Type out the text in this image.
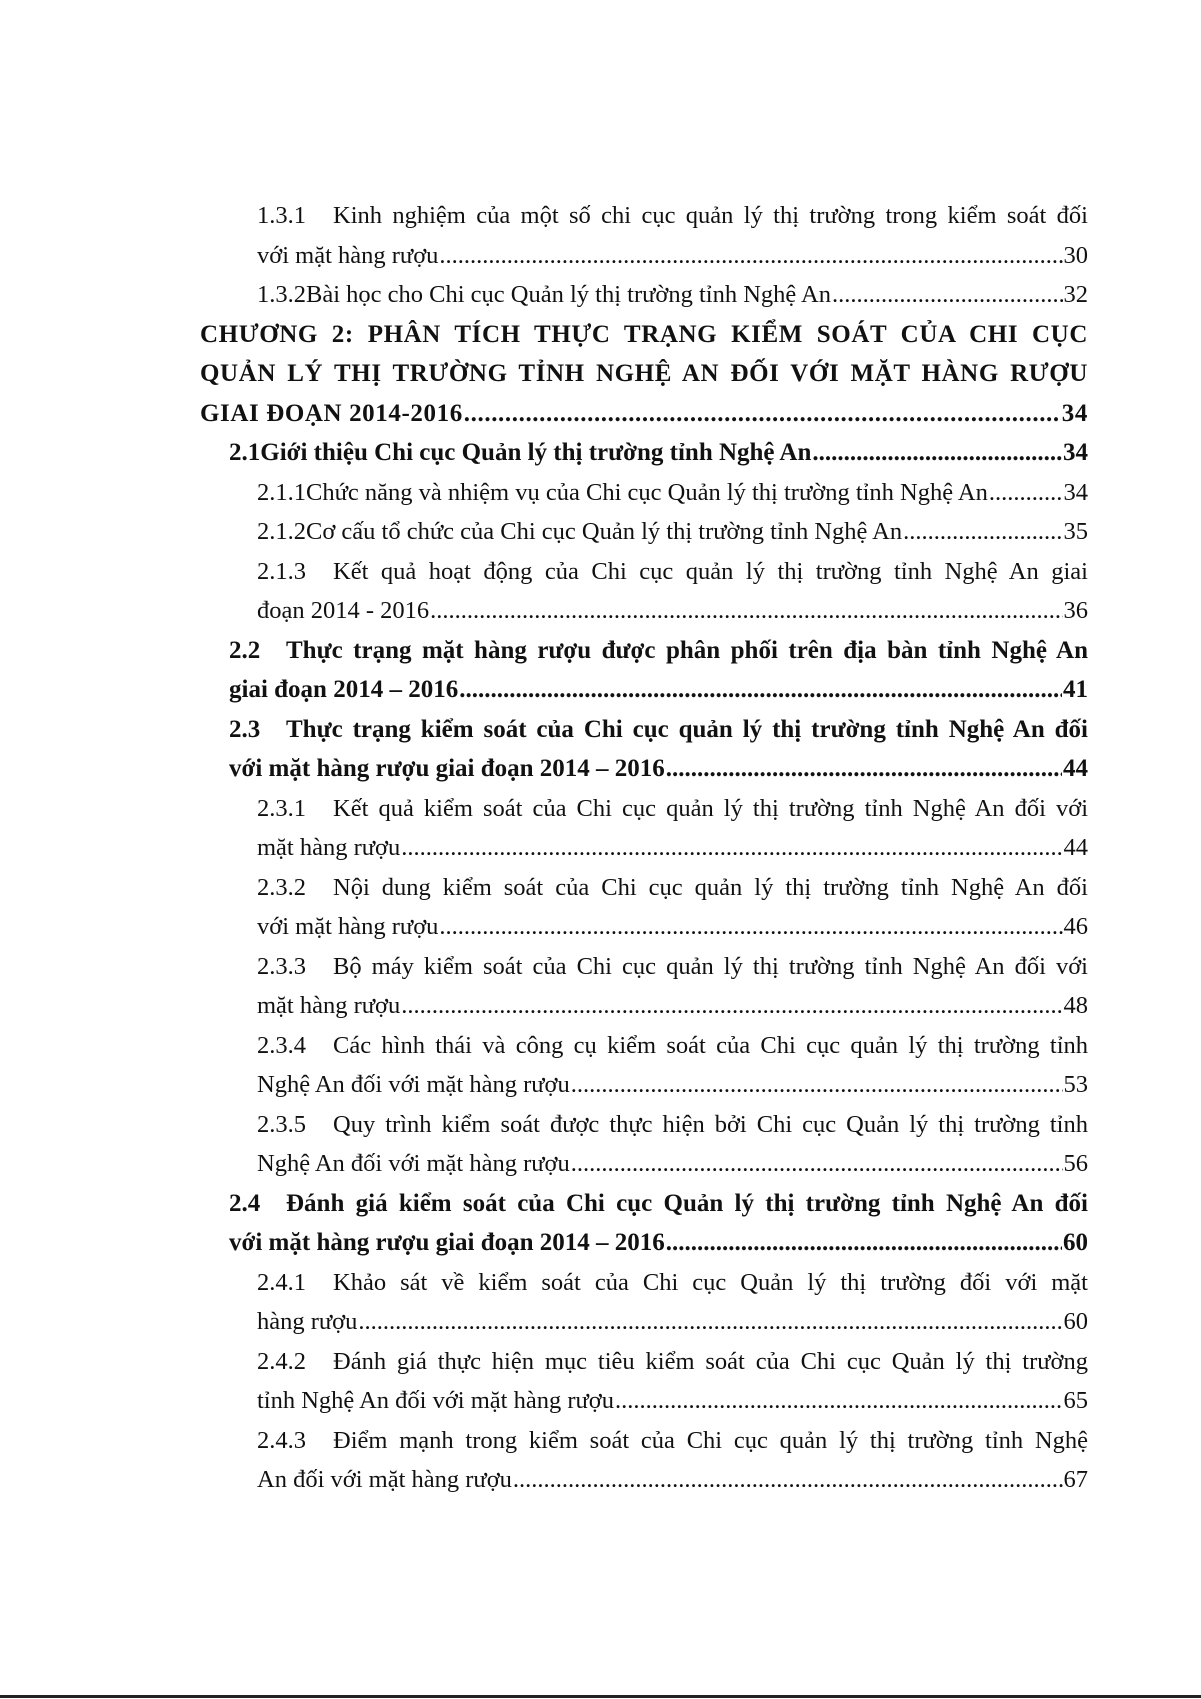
1.3.1	Kinh nghiệm của một số chi cục quản lý thị trường trong kiểm soát đối
với mặt hàng rượu .....	30
1.3.2 Bài học cho Chi cục Quản lý thị trường tỉnh Nghệ An .....	32
CHƯƠNG 2: PHÂN TÍCH THỰC TRẠNG KIỂM SOÁT CỦA CHI CỤC
QUẢN LÝ THỊ TRƯỜNG TỈNH NGHỆ AN ĐỐI VỚI MẶT HÀNG RƯỢU
GIAI ĐOẠN 2014-2016 .....	34
2.1 Giới thiệu Chi cục Quản lý thị trường tỉnh Nghệ An .....	34
2.1.1 Chức năng và nhiệm vụ của Chi cục Quản lý thị trường tỉnh Nghệ An .....	34
2.1.2 Cơ cấu tổ chức của Chi cục Quản lý thị trường tỉnh Nghệ An .....	35
2.1.3	Kết quả hoạt động của Chi cục quản lý thị trường tỉnh Nghệ An giai
đoạn 2014 - 2016 .....	36
2.2	Thực trạng mặt hàng rượu được phân phối trên địa bàn tỉnh Nghệ An
giai đoạn 2014 – 2016 .....	41
2.3	Thực trạng kiểm soát của Chi cục quản lý thị trường tỉnh Nghệ An đối
với mặt hàng rượu giai đoạn 2014 – 2016 .....	44
2.3.1	Kết quả kiểm soát của Chi cục quản lý thị trường tỉnh Nghệ An đối với
mặt hàng rượu .....	44
2.3.2	Nội dung kiểm soát của Chi cục quản lý thị trường tỉnh Nghệ An đối
với mặt hàng rượu .....	46
2.3.3	Bộ máy kiểm soát của Chi cục quản lý thị trường tỉnh Nghệ An đối với
mặt hàng rượu .....	48
2.3.4	Các hình thái và công cụ kiểm soát của Chi cục quản lý thị trường tỉnh
Nghệ An đối với mặt hàng rượu .....	53
2.3.5	Quy trình kiểm soát được thực hiện bởi Chi cục Quản lý thị trường tỉnh
Nghệ An đối với mặt hàng rượu .....	56
2.4	Đánh giá kiểm soát của Chi cục Quản lý thị trường tỉnh Nghệ An đối
với mặt hàng rượu giai đoạn 2014 – 2016 .....	60
2.4.1	Khảo sát về kiểm soát của Chi cục Quản lý thị trường đối với mặt
hàng rượu .....	60
2.4.2	Đánh giá thực hiện mục tiêu kiểm soát của Chi cục Quản lý thị trường
tỉnh Nghệ An đối với mặt hàng rượu .....	65
2.4.3	Điểm mạnh trong kiểm soát của Chi cục quản lý thị trường tỉnh Nghệ
An đối với mặt hàng rượu .....	67
